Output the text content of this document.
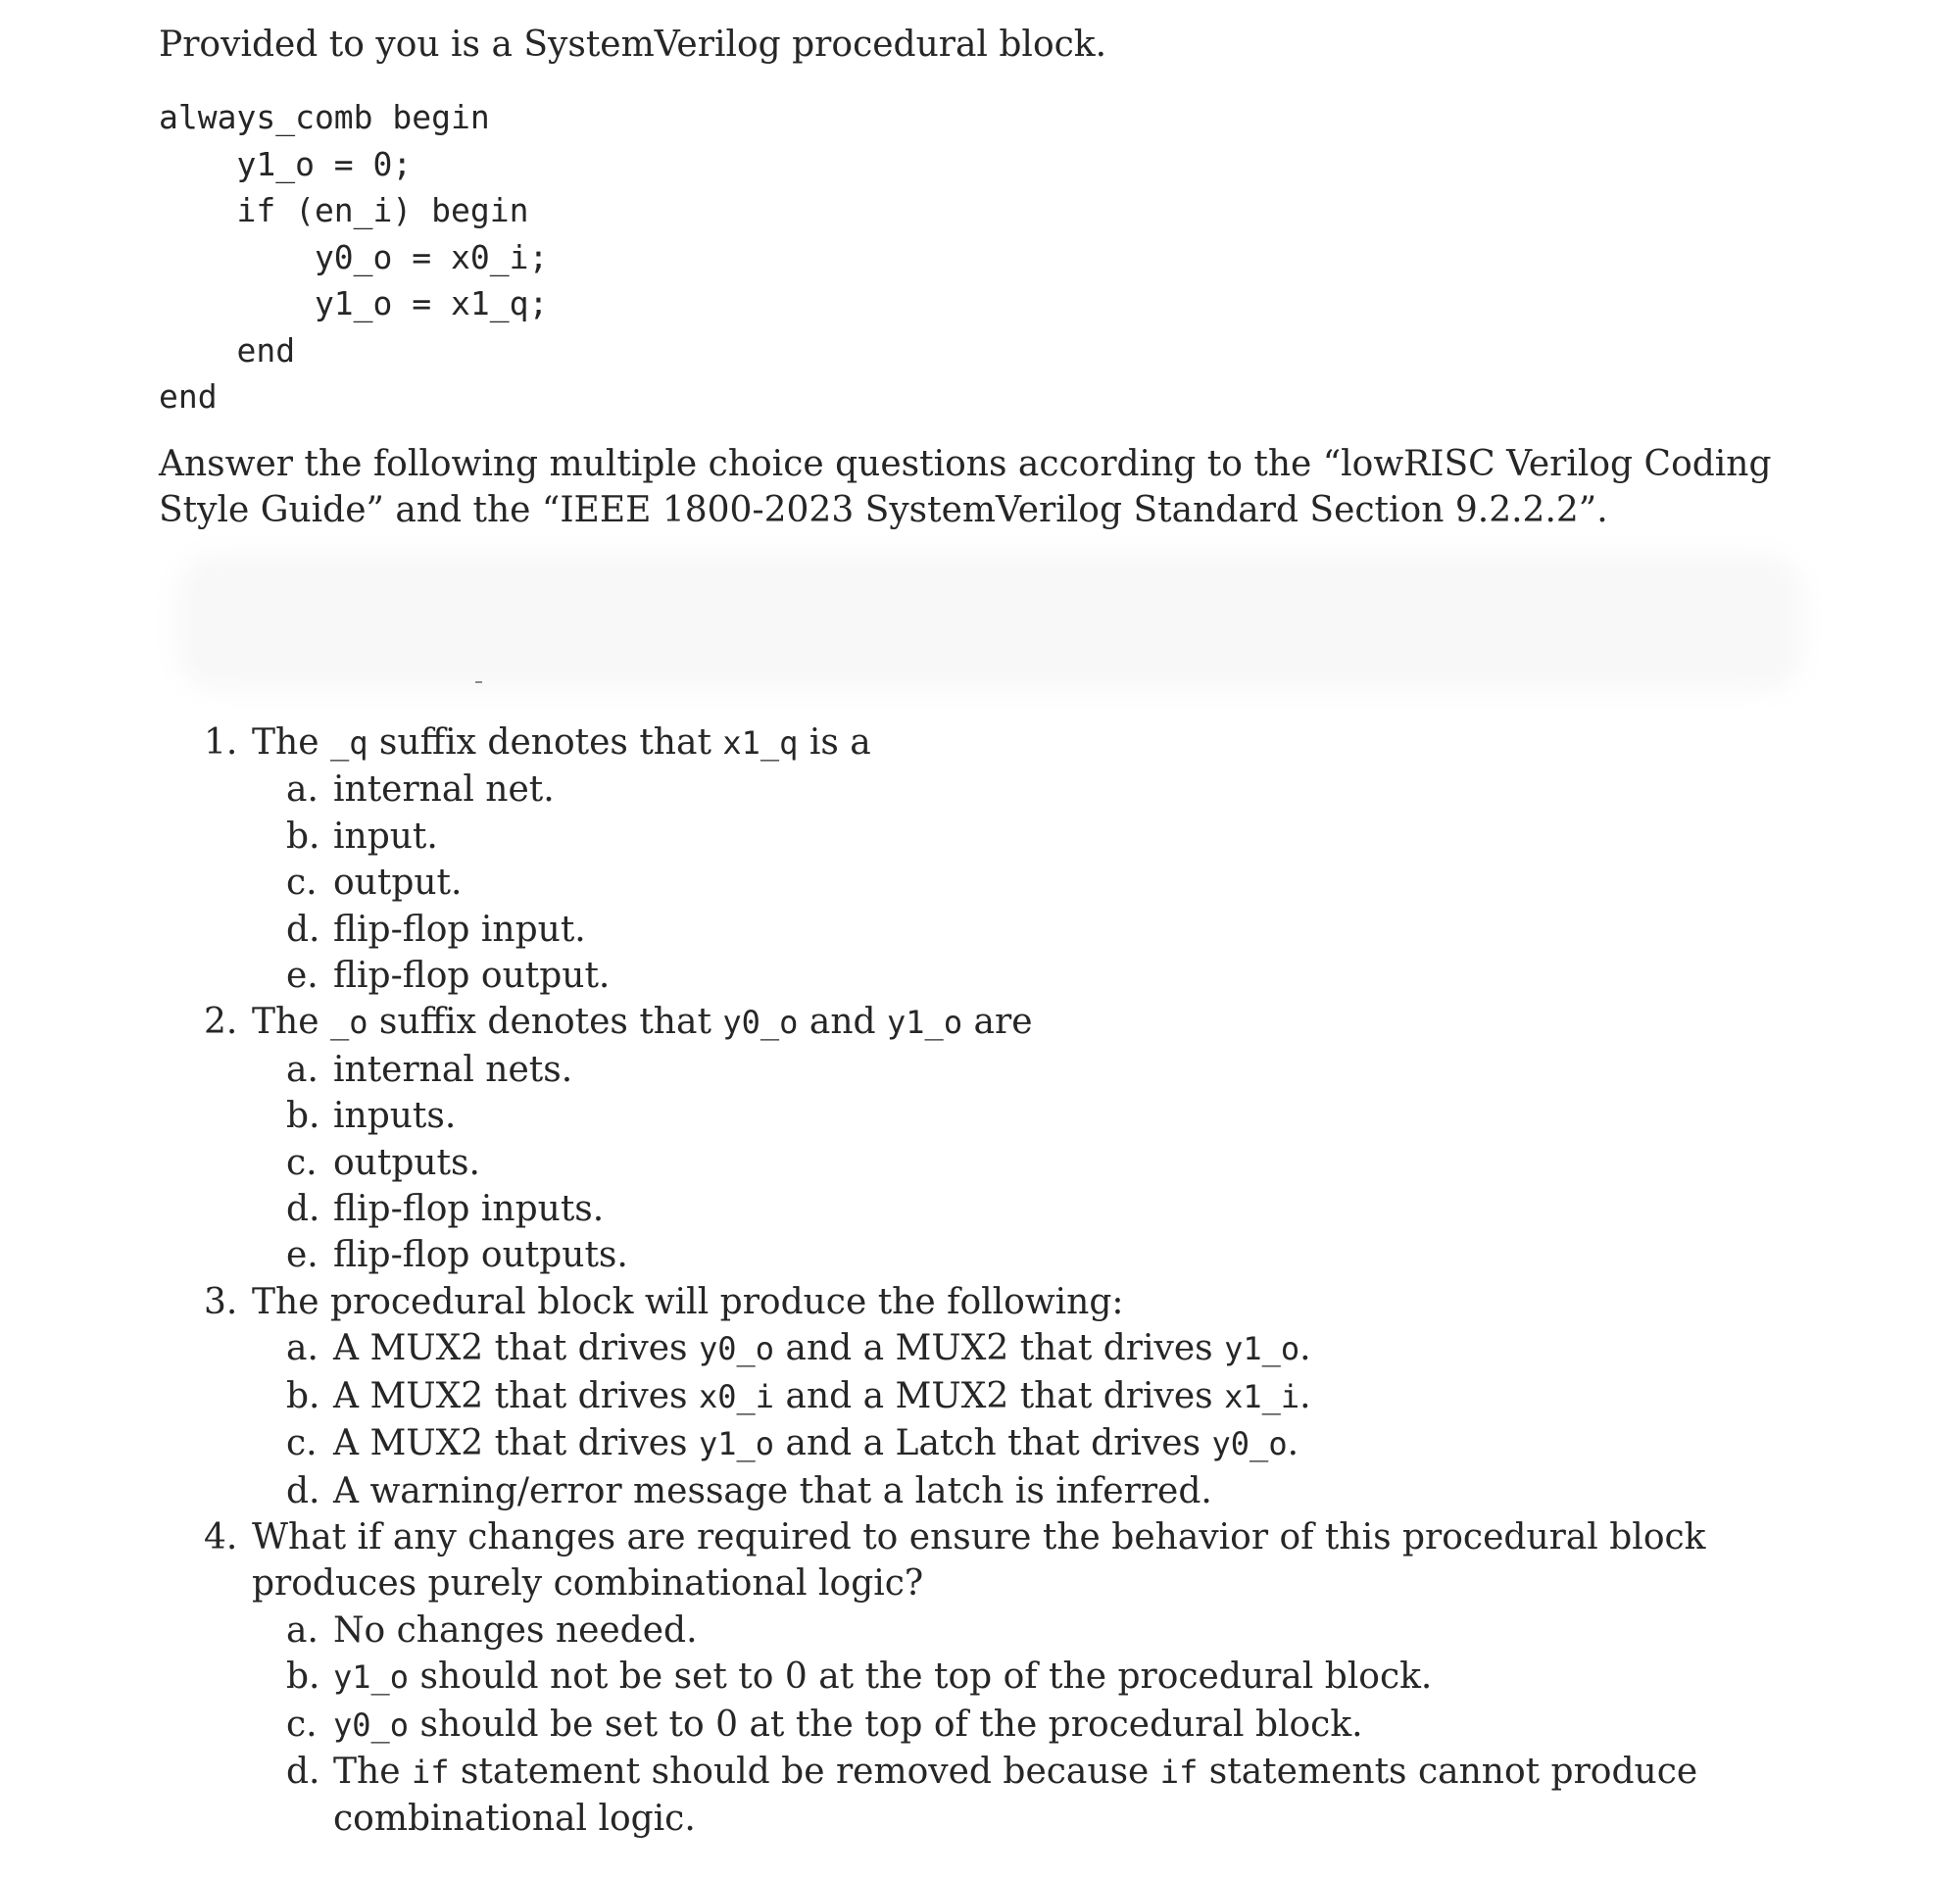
Provided to you is a SystemVerilog procedural block.
always_comb begin
y1_o = 0;
if (en_i) begin
y0_o = x0_i;
y1_o = x1_q;
end
end
Answer the following multiple choice questions according to the “lowRISC Verilog Coding Style Guide” and the “IEEE 1800-2023 SystemVerilog Standard Section 9.2.2.2”.
1. The _q suffix denotes that x1_q is a
a. internal net.
b. input.
c. output.
d. flip-flop input.
e. flip-flop output.
2. The _o suffix denotes that y0_o and y1_o are
a. internal nets.
b. inputs.
c. outputs.
d. flip-flop inputs.
e. flip-flop outputs.
3. The procedural block will produce the following:
a. A MUX2 that drives y0_o and a MUX2 that drives y1_o.
b. A MUX2 that drives x0_i and a MUX2 that drives x1_i.
c. A MUX2 that drives y1_o and a Latch that drives y0_o.
d. A warning/error message that a latch is inferred.
4. What if any changes are required to ensure the behavior of this procedural block produces purely combinational logic?
a. No changes needed.
b. y1_o should not be set to 0 at the top of the procedural block.
c. y0_o should be set to 0 at the top of the procedural block.
d. The if statement should be removed because if statements cannot produce combinational logic.
